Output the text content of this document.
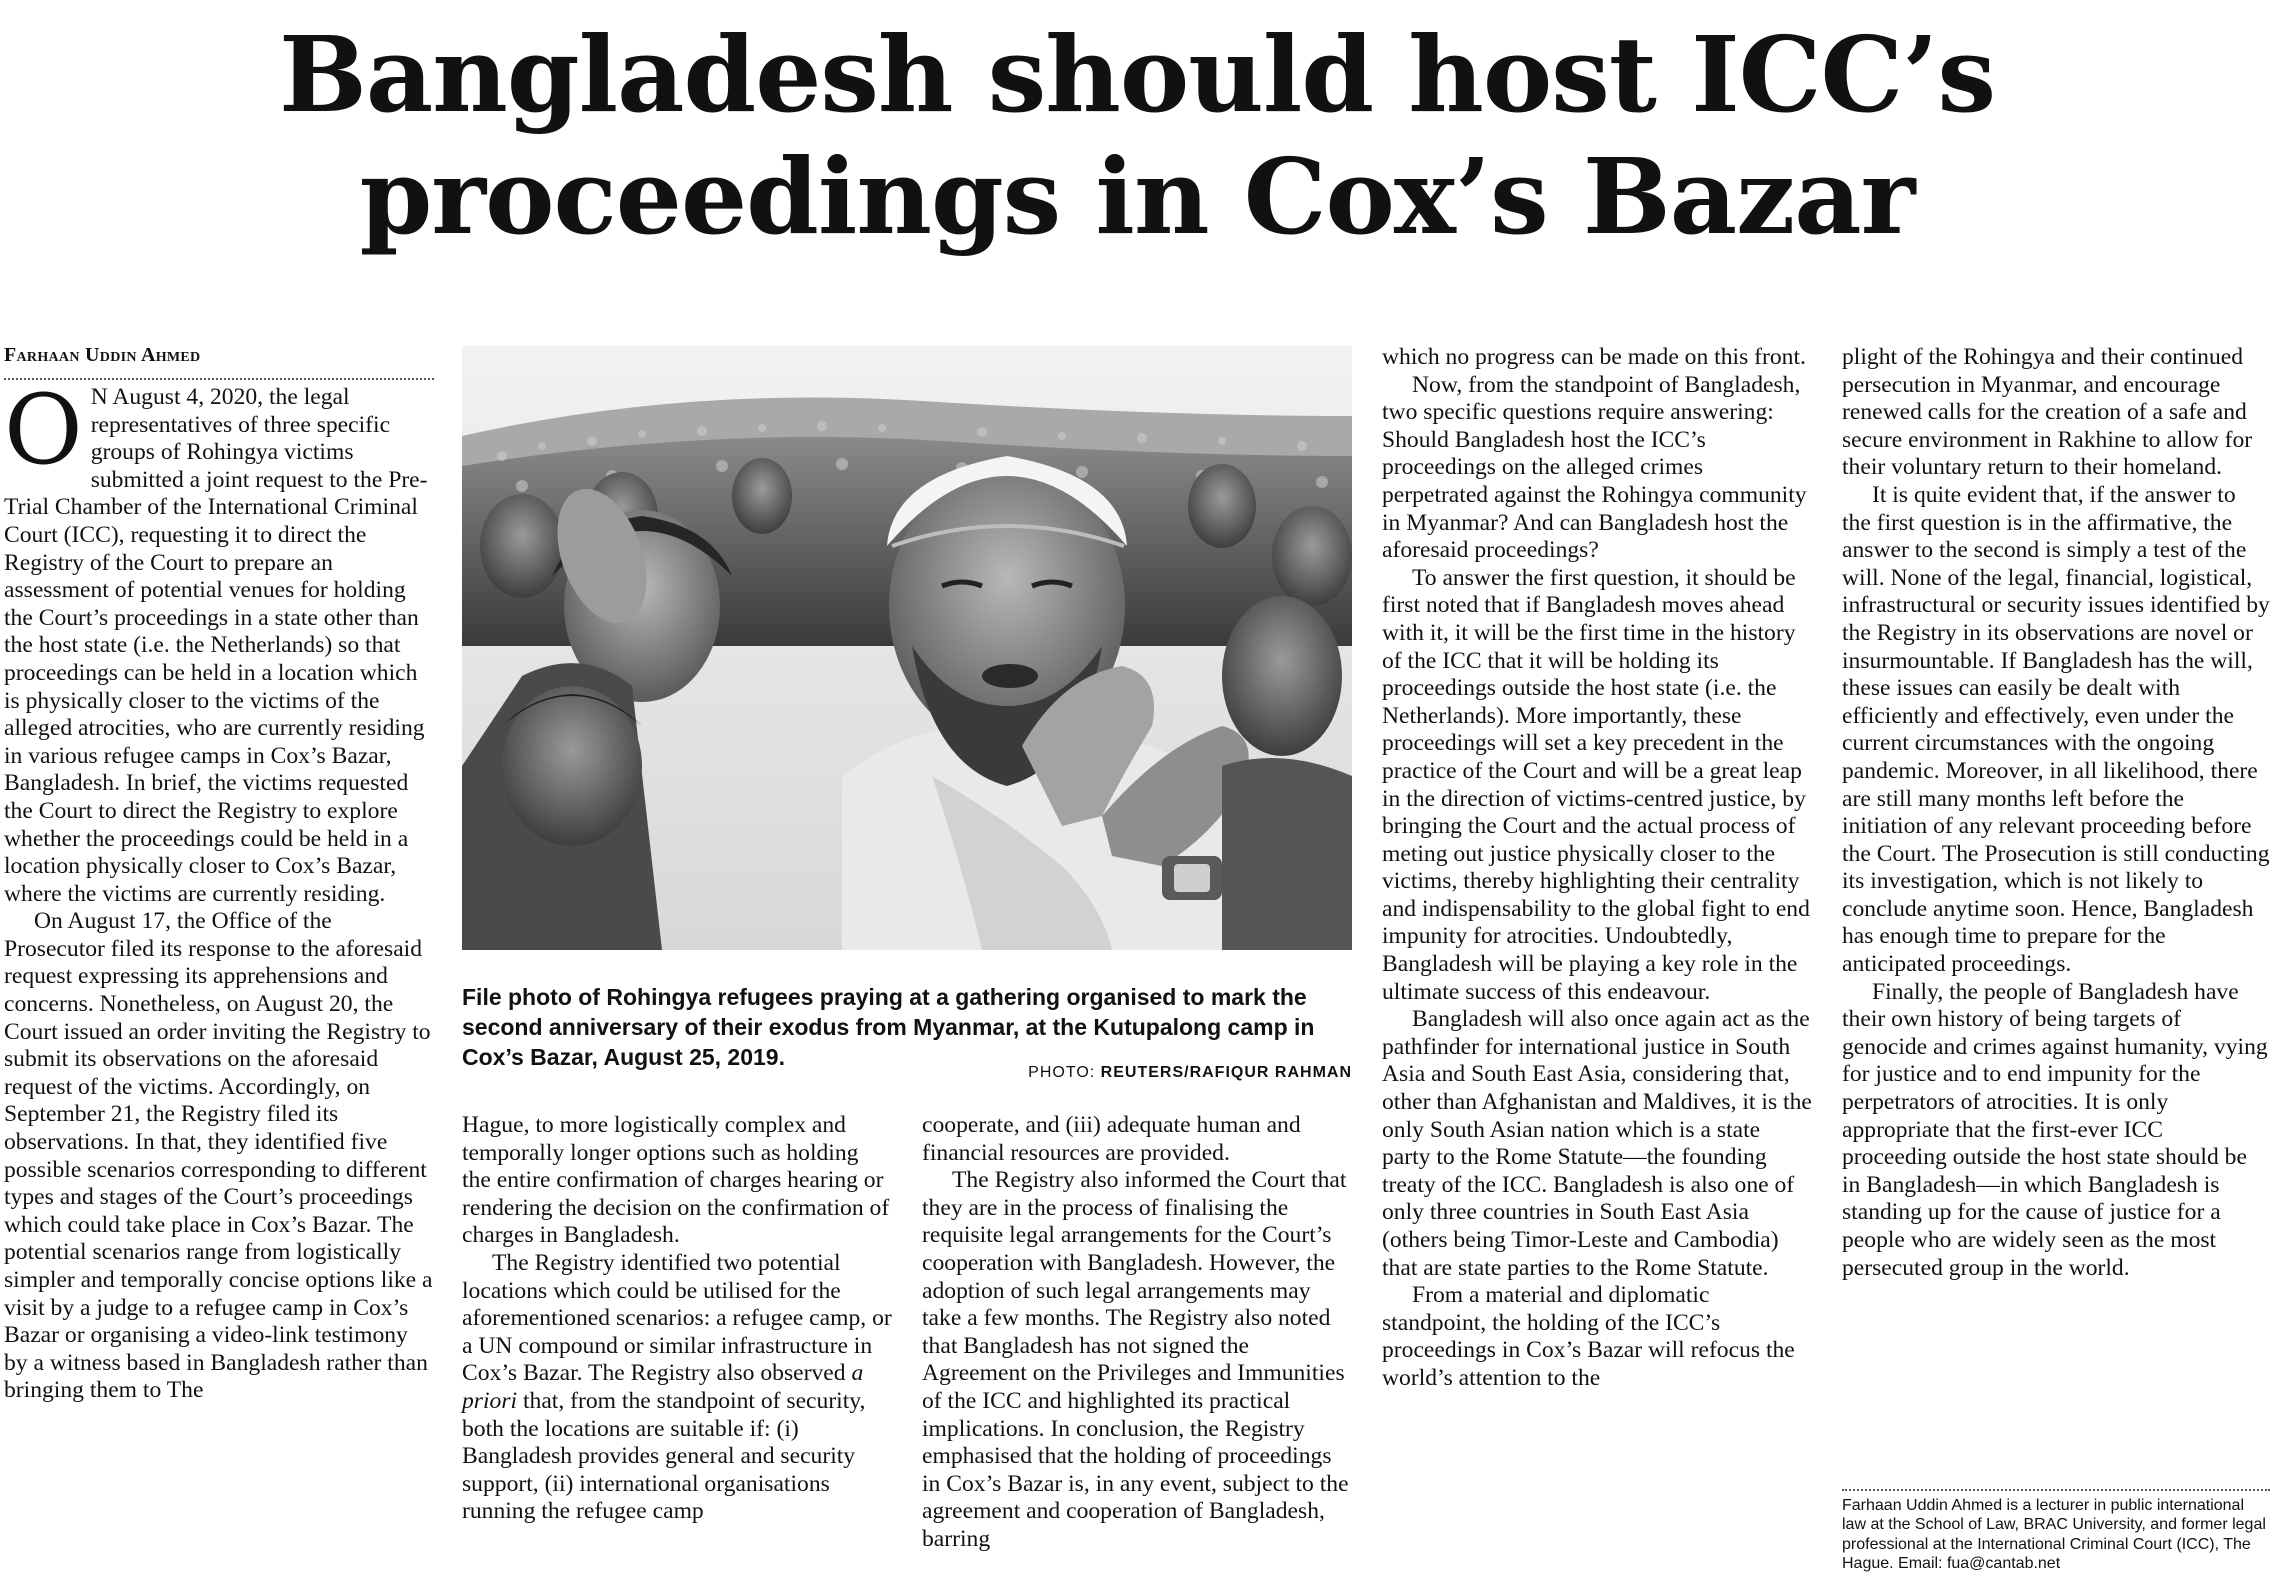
Bangladesh should host ICC’s
proceedings in Cox’s Bazar
Farhaan Uddin Ahmed

O N August 4, 2020, the legal representatives of three specific groups of Rohingya victims submitted a joint request to the Pre-Trial Chamber of the International Criminal Court (ICC), requesting it to direct the Registry of the Court to prepare an assessment of potential venues for holding the Court’s proceedings in a state other than the host state (i.e. the Netherlands) so that proceedings can be held in a location which is physically closer to the victims of the alleged atrocities, who are currently residing in various refugee camps in Cox’s Bazar, Bangladesh. In brief, the victims requested the Court to direct the Registry to explore whether the proceedings could be held in a location physically closer to Cox’s Bazar, where the victims are currently residing.

On August 17, the Office of the Prosecutor filed its response to the aforesaid request expressing its apprehensions and concerns. Nonetheless, on August 20, the Court issued an order inviting the Registry to submit its observations on the aforesaid request of the victims. Accordingly, on September 21, the Registry filed its observations. In that, they identified five possible scenarios corresponding to different types and stages of the Court’s proceedings which could take place in Cox’s Bazar. The potential scenarios range from logistically simpler and temporally concise options like a visit by a judge to a refugee camp in Cox’s Bazar or organising a video-link testimony by a witness based in Bangladesh rather than bringing them to The

File photo of Rohingya refugees praying at a gathering organised to mark the second anniversary of their exodus from Myanmar, at the Kutupalong camp in Cox’s Bazar, August 25, 2019.
PHOTO: REUTERS/RAFIQUR RAHMAN

Hague, to more logistically complex and temporally longer options such as holding the entire confirmation of charges hearing or rendering the decision on the confirmation of charges in Bangladesh.

The Registry identified two potential locations which could be utilised for the aforementioned scenarios: a refugee camp, or a UN compound or similar infrastructure in Cox’s Bazar. The Registry also observed a priori that, from the standpoint of security, both the locations are suitable if: (i) Bangladesh provides general and security support, (ii) international organisations running the refugee camp

cooperate, and (iii) adequate human and financial resources are provided.

The Registry also informed the Court that they are in the process of finalising the requisite legal arrangements for the Court’s cooperation with Bangladesh. However, the adoption of such legal arrangements may take a few months. The Registry also noted that Bangladesh has not signed the Agreement on the Privileges and Immunities of the ICC and highlighted its practical implications. In conclusion, the Registry emphasised that the holding of proceedings in Cox’s Bazar is, in any event, subject to the agreement and cooperation of Bangladesh, barring

which no progress can be made on this front.

Now, from the standpoint of Bangladesh, two specific questions require answering: Should Bangladesh host the ICC’s proceedings on the alleged crimes perpetrated against the Rohingya community in Myanmar? And can Bangladesh host the aforesaid proceedings?

To answer the first question, it should be first noted that if Bangladesh moves ahead with it, it will be the first time in the history of the ICC that it will be holding its proceedings outside the host state (i.e. the Netherlands). More importantly, these proceedings will set a key precedent in the practice of the Court and will be a great leap in the direction of victims-centred justice, by bringing the Court and the actual process of meting out justice physically closer to the victims, thereby highlighting their centrality and indispensability to the global fight to end impunity for atrocities. Undoubtedly, Bangladesh will be playing a key role in the ultimate success of this endeavour.

Bangladesh will also once again act as the pathfinder for international justice in South Asia and South East Asia, considering that, other than Afghanistan and Maldives, it is the only South Asian nation which is a state party to the Rome Statute—the founding treaty of the ICC. Bangladesh is also one of only three countries in South East Asia (others being Timor-Leste and Cambodia) that are state parties to the Rome Statute.

From a material and diplomatic standpoint, the holding of the ICC’s proceedings in Cox’s Bazar will refocus the world’s attention to the

plight of the Rohingya and their continued persecution in Myanmar, and encourage renewed calls for the creation of a safe and secure environment in Rakhine to allow for their voluntary return to their homeland.

It is quite evident that, if the answer to the first question is in the affirmative, the answer to the second is simply a test of the will. None of the legal, financial, logistical, infrastructural or security issues identified by the Registry in its observations are novel or insurmountable. If Bangladesh has the will, these issues can easily be dealt with efficiently and effectively, even under the current circumstances with the ongoing pandemic. Moreover, in all likelihood, there are still many months left before the initiation of any relevant proceeding before the Court. The Prosecution is still conducting its investigation, which is not likely to conclude anytime soon. Hence, Bangladesh has enough time to prepare for the anticipated proceedings.

Finally, the people of Bangladesh have their own history of being targets of genocide and crimes against humanity, vying for justice and to end impunity for the perpetrators of atrocities. It is only appropriate that the first-ever ICC proceeding outside the host state should be in Bangladesh—in which Bangladesh is standing up for the cause of justice for a people who are widely seen as the most persecuted group in the world.

Farhaan Uddin Ahmed is a lecturer in public international law at the School of Law, BRAC University, and former legal professional at the International Criminal Court (ICC), The Hague. Email: fua@cantab.net
